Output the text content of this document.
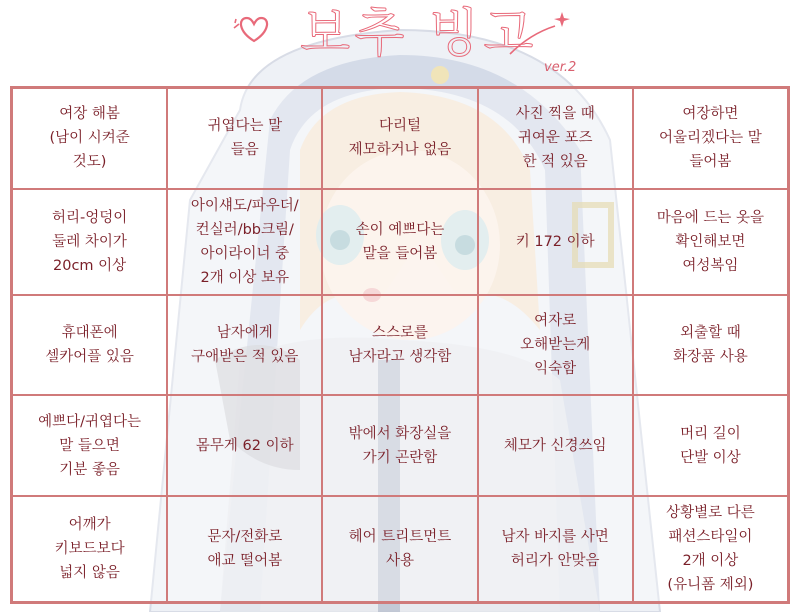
보추 빙고
ver.2
여장 해봄
(남이 시켜준
것도)
귀엽다는 말
들음
다리털
제모하거나 없음
사진 찍을 때
귀여운 포즈
한 적 있음
여장하면
어울리겠다는 말
들어봄
허리-엉덩이
둘레 차이가
20cm 이상
아이섀도/파우더/
컨실러/bb크림/
아이라이너 중
2개 이상 보유
손이 예쁘다는
말을 들어봄
키 172 이하
마음에 드는 옷을
확인해보면
여성복임
휴대폰에
셀카어플 있음
남자에게
구애받은 적 있음
스스로를
남자라고 생각함
여자로
오해받는게
익숙함
외출할 때
화장품 사용
예쁘다/귀엽다는
말 들으면
기분 좋음
몸무게 62 이하
밖에서 화장실을
가기 곤란함
체모가 신경쓰임
머리 길이
단발 이상
어깨가
키보드보다
넓지 않음
문자/전화로
애교 떨어봄
헤어 트리트먼트
사용
남자 바지를 사면
허리가 안맞음
상황별로 다른
패션스타일이
2개 이상
(유니폼 제외)
